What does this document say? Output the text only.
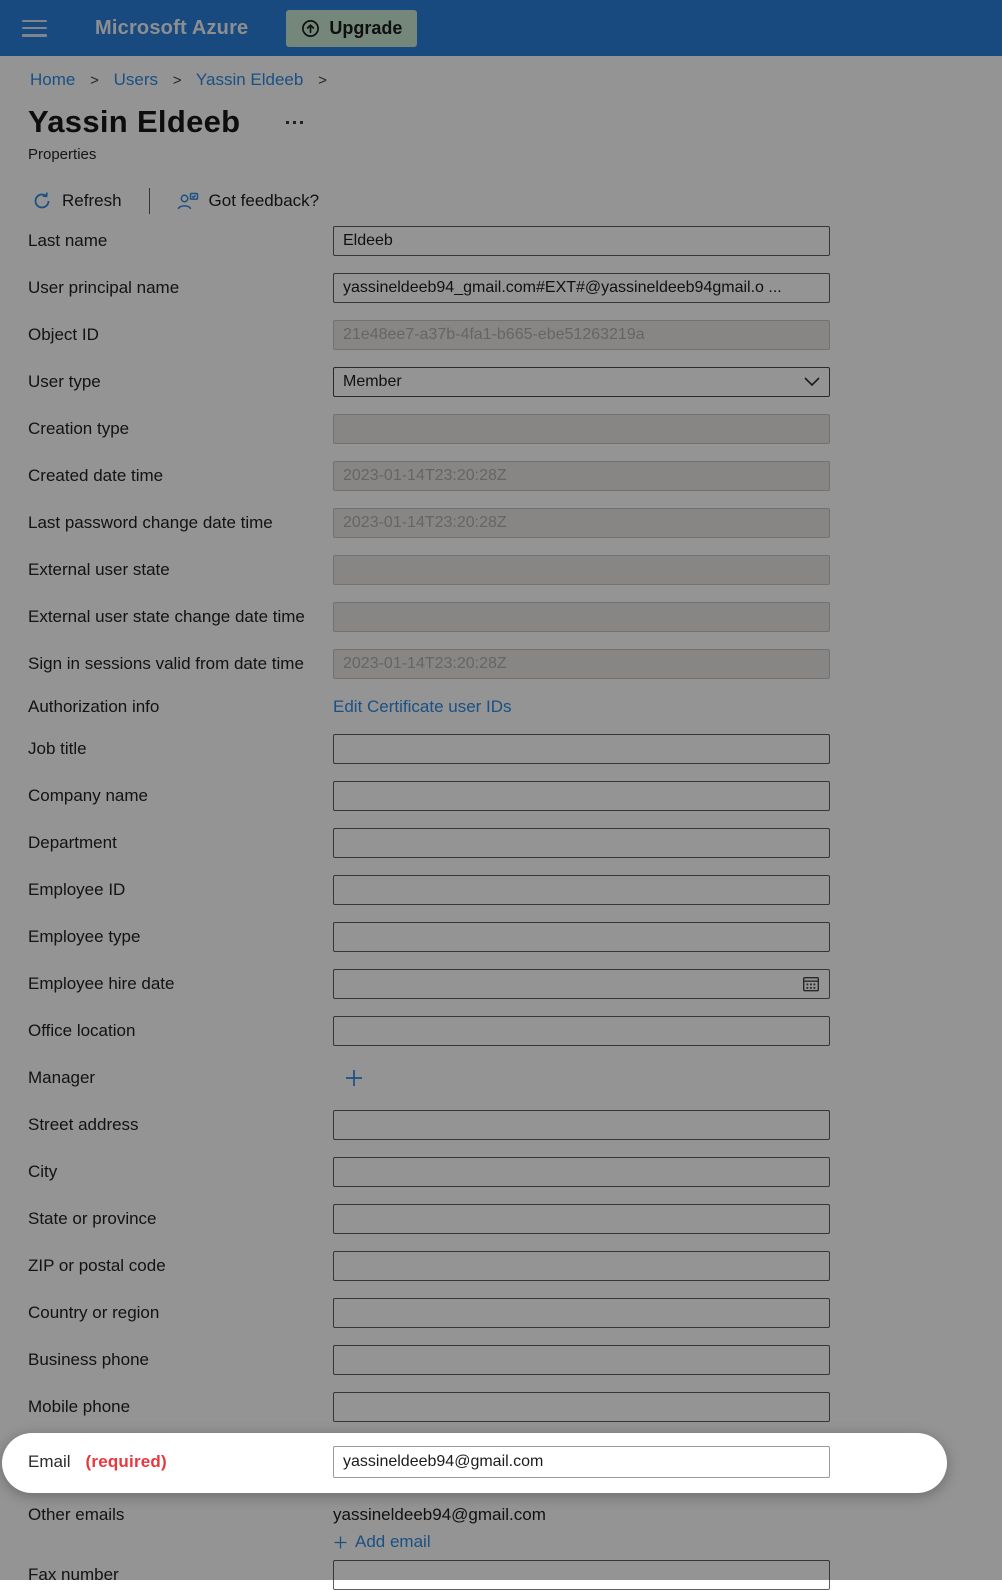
Microsoft Azure	Upgrade
Home > Users > Yassin Eldeeb >
Yassin Eldeeb
Properties
Refresh	Got feedback?
Last name	Eldeeb
User principal name	yassineldeeb94_gmail.com#EXT#@yassineldeeb94gmail.o ...
Object ID	21e48ee7-a37b-4fa1-b665-ebe51263219a
User type	Member
Creation type
Created date time	2023-01-14T23:20:28Z
Last password change date time	2023-01-14T23:20:28Z
External user state
External user state change date time
Sign in sessions valid from date time	2023-01-14T23:20:28Z
Authorization info	Edit Certificate user IDs
Job title
Company name
Department
Employee ID
Employee type
Employee hire date
Office location
Manager
Street address
City
State or province
ZIP or postal code
Country or region
Business phone
Mobile phone
Email (required)	yassineldeeb94@gmail.com
Other emails	yassineldeeb94@gmail.com
Add email
Fax number
